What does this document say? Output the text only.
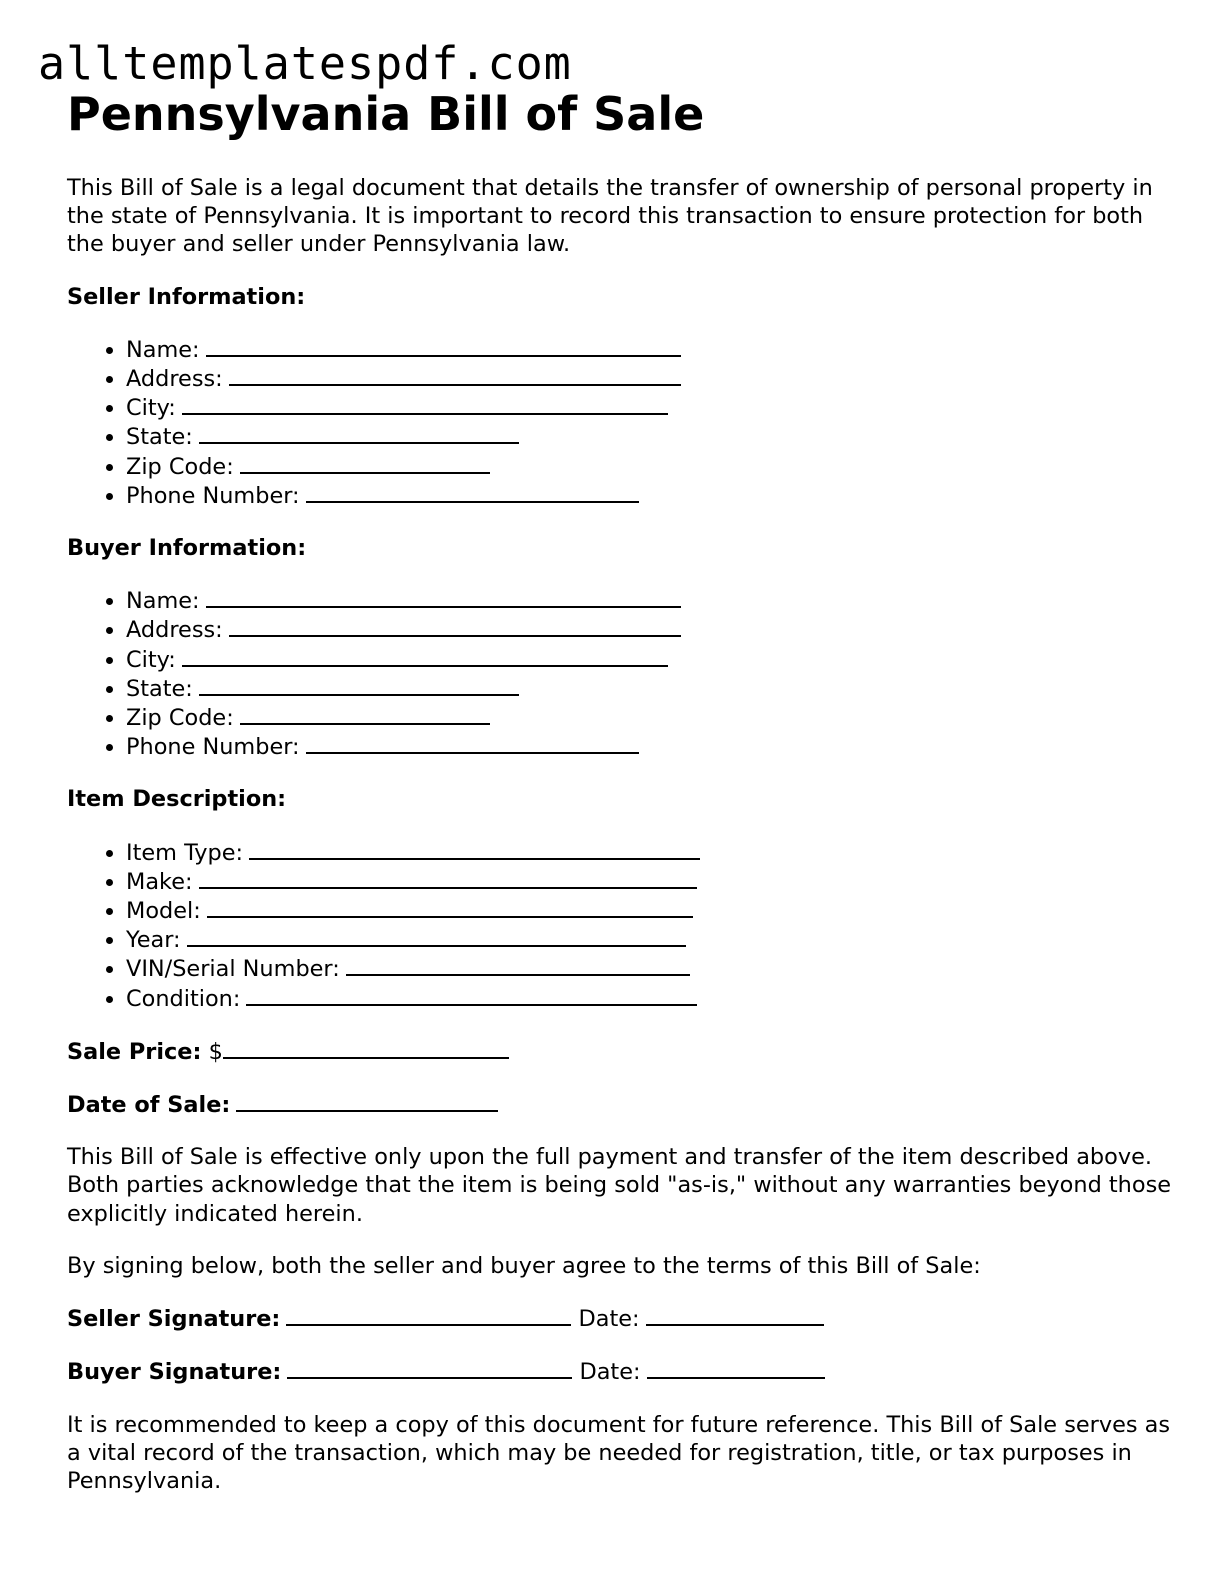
alltemplatespdf.com
Pennsylvania Bill of Sale

This Bill of Sale is a legal document that details the transfer of ownership of personal property in the state of Pennsylvania. It is important to record this transaction to ensure protection for both the buyer and seller under Pennsylvania law.

Seller Information:

• Name:
• Address:
• City:
• State:
• Zip Code:
• Phone Number:

Buyer Information:

• Name:
• Address:
• City:
• State:
• Zip Code:
• Phone Number:

Item Description:

• Item Type:
• Make:
• Model:
• Year:
• VIN/Serial Number:
• Condition:

Sale Price: $

Date of Sale:

This Bill of Sale is effective only upon the full payment and transfer of the item described above. Both parties acknowledge that the item is being sold "as-is," without any warranties beyond those explicitly indicated herein.

By signing below, both the seller and buyer agree to the terms of this Bill of Sale:

Seller Signature:	Date:

Buyer Signature:	Date:

It is recommended to keep a copy of this document for future reference. This Bill of Sale serves as a vital record of the transaction, which may be needed for registration, title, or tax purposes in Pennsylvania.
